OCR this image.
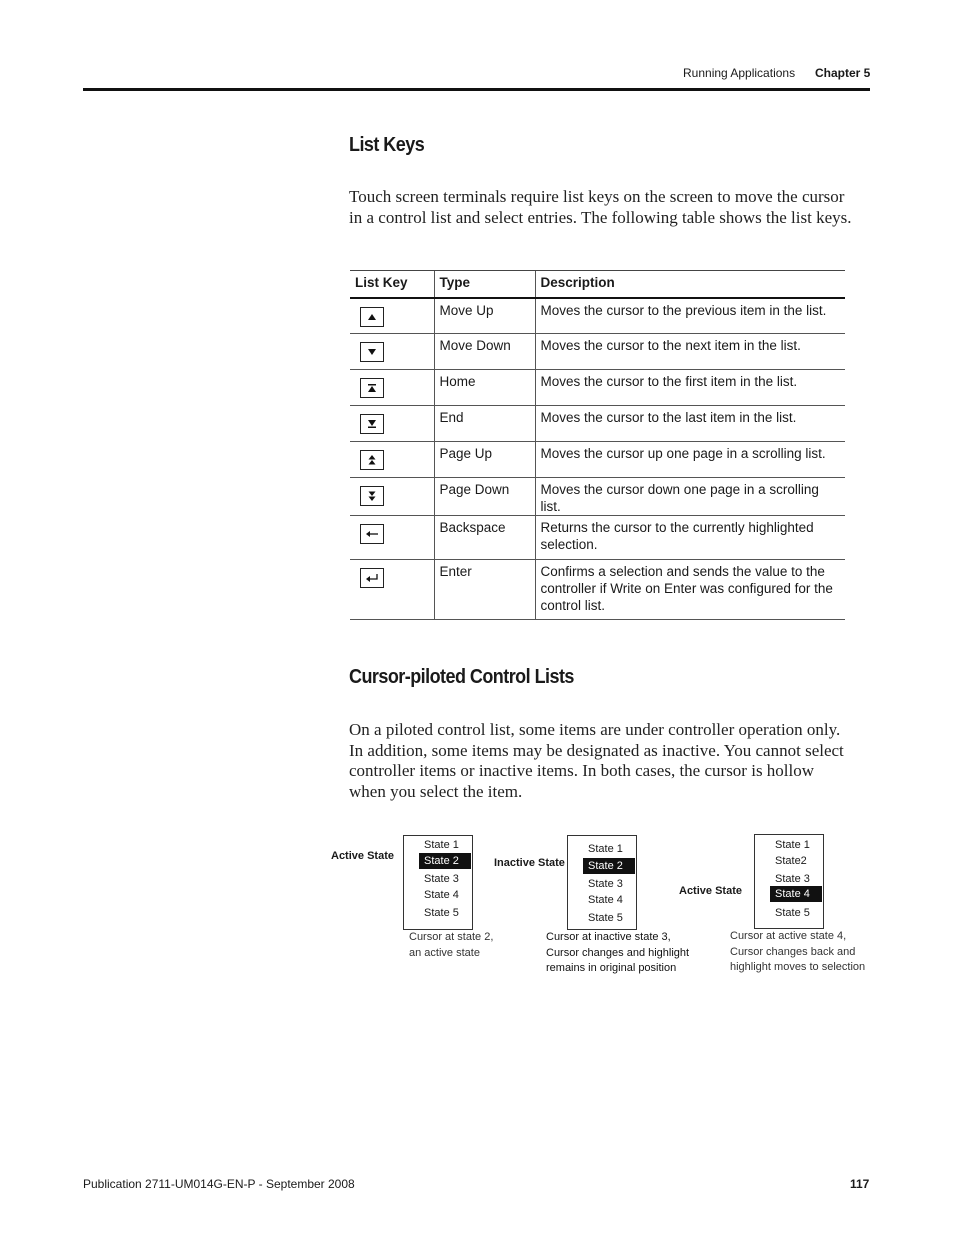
Running Applications Chapter 5
List Keys

Touch screen terminals require list keys on the screen to move the cursor in a control list and select entries. The following table shows the list keys.

List Key	Type	Description

	Move Up	Moves the cursor to the previous item in the list.

	Move Down	Moves the cursor to the next item in the list.

	Home	Moves the cursor to the first item in the list.

	End	Moves the cursor to the last item in the list.

	Page Up	Moves the cursor up one page in a scrolling list.

	Page Down	Moves the cursor down one page in a scrolling list.

	Backspace	Returns the cursor to the currently highlighted selection.

	Enter	Confirms a selection and sends the value to the controller if Write on Enter was configured for the control list.
Cursor-piloted Control Lists

On a piloted control list, some items are under controller operation only. In addition, some items may be designated as inactive. You cannot select controller items or inactive items. In both cases, the cursor is hollow when you select the item.

Active State
State 1
State 2
State 3
State 4
State 5
Cursor at state 2,
an active state
Inactive State
State 1
State 2
State 3
State 4
State 5
Cursor at inactive state 3,
Cursor changes and highlight
remains in original position
Active State
State 1
State2
State 3
State 4
State 5
Cursor at active state 4,
Cursor changes back and
highlight moves to selection
Publication 2711-UM014G-EN-P - September 2008	117
